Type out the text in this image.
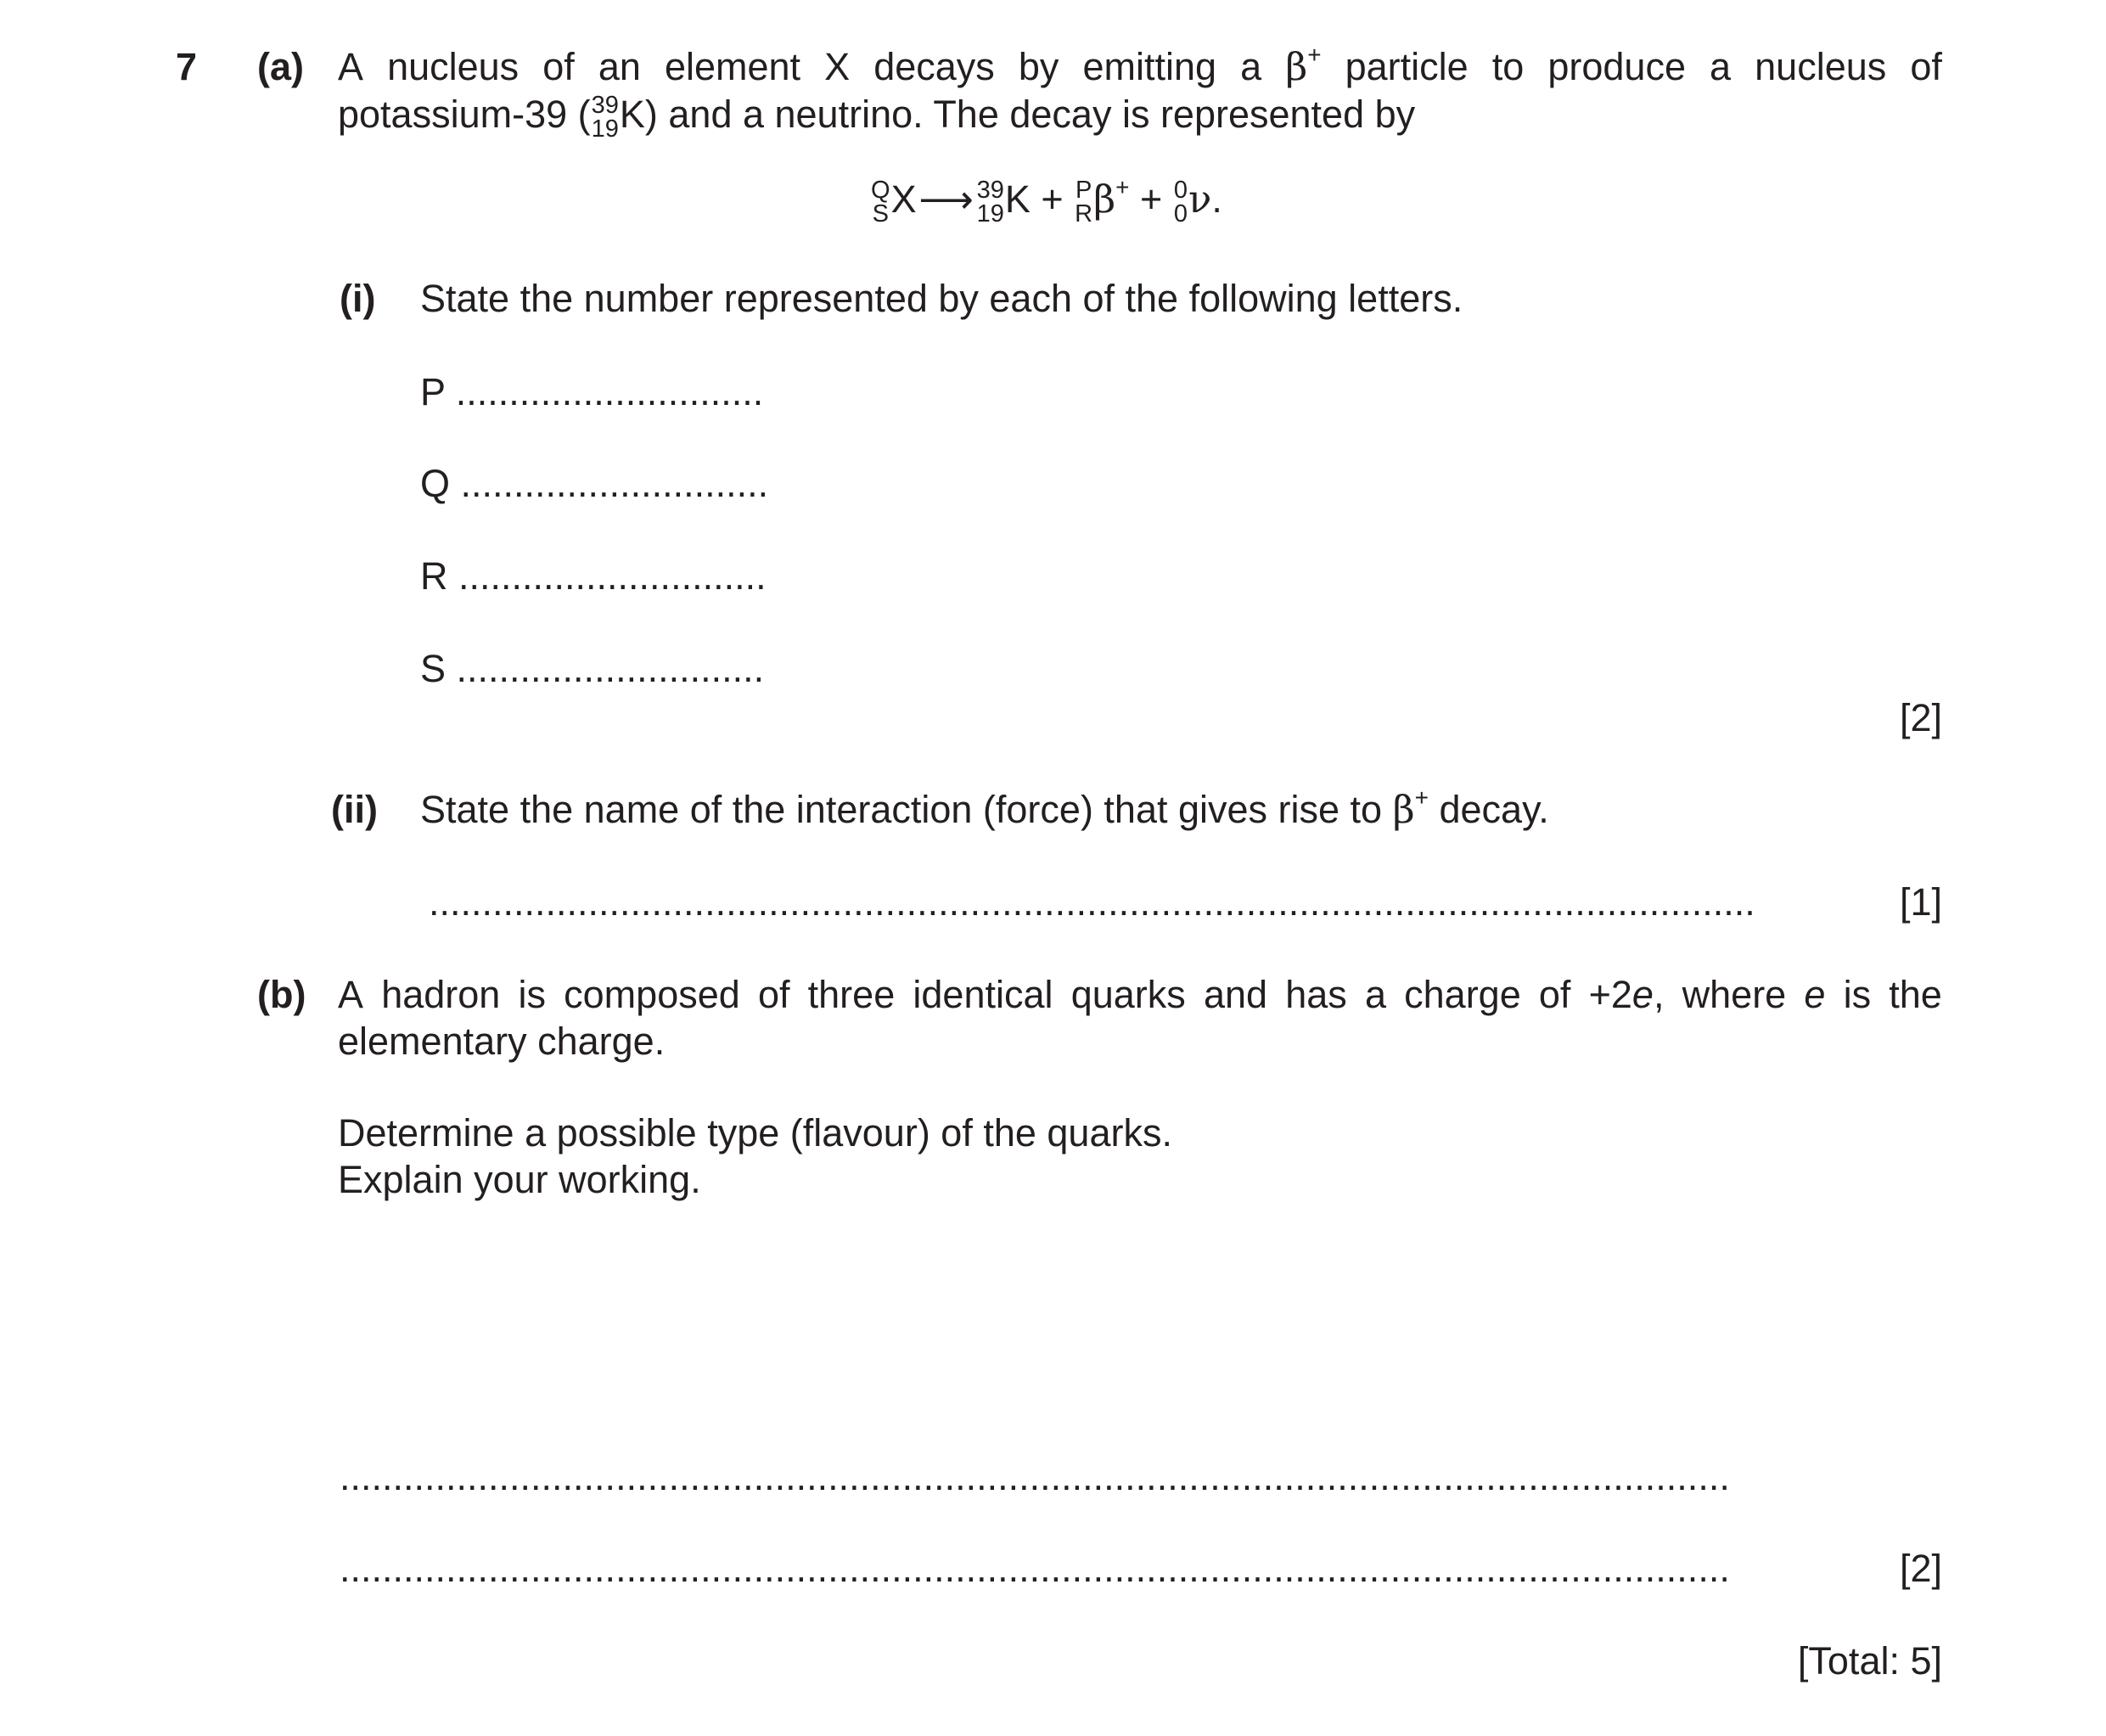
7 (a) A nucleus of an element X decays by emitting a β+ particle to produce a nucleus of
potassium-39 ( 39
19 K) and a neutrino. The decay is represented by
Q
S X⟶ 39
19 K + P
R β+ + 0
0 ν.
(i) State the number represented by each of the following letters.
P .............................
Q .............................
R .............................
S .............................
[2]
(ii) State the name of the interaction (force) that gives rise to β+ decay.
.............................................................................................................................	[1]
(b) A hadron is composed of three identical quarks and has a charge of +2e, where e is the
elementary charge.
Determine a possible type (flavour) of the quarks.
Explain your working.
...................................................................................................................................
...................................................................................................................................	[2]
[Total: 5]
